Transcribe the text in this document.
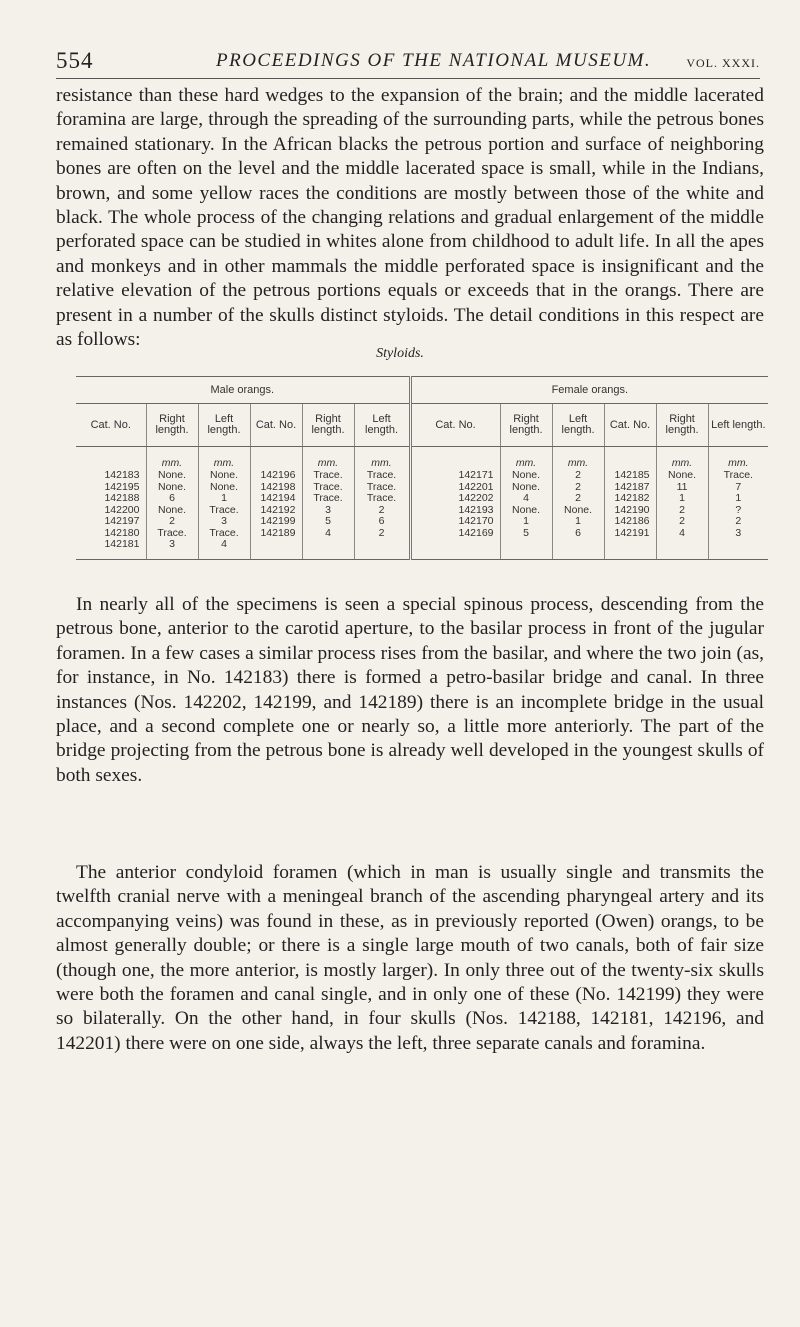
554	PROCEEDINGS OF THE NATIONAL MUSEUM.	VOL. XXXI.

resistance than these hard wedges to the expansion of the brain; and the middle lacerated foramina are large, through the spreading of the surrounding parts, while the petrous bones remained stationary. In the African blacks the petrous portion and surface of neighboring bones are often on the level and the middle lacerated space is small, while in the Indians, brown, and some yellow races the conditions are mostly between those of the white and black. The whole process of the changing relations and gradual enlargement of the middle perforated space can be studied in whites alone from childhood to adult life. In all the apes and monkeys and in other mammals the middle perforated space is insignificant and the relative elevation of the petrous portions equals or exceeds that in the orangs. There are present in a number of the skulls distinct styloids. The detail conditions in this respect are as follows:

Styloids.
Male orangs.						Female orangs.					
Cat. No.	Right length.	Left length.	Cat. No.	Right length.	Left length.	Cat. No.	Right length.	Left length.	Cat. No.	Right length.	Left length.
	mm.	mm.		mm.	mm.		mm.	mm.		mm.	mm.
142183	None.	None.	142196	Trace.	Trace.	142171	None.	2	142185	None.	Trace.
142195	None.	None.	142198	Trace.	Trace.	142201	None.	2	142187	11	7
142188	6	1	142194	Trace.	Trace.	142202	4	2	142182	1	1
142200	None.	Trace.	142192	3	2	142193	None.	None.	142190	2	?
142197	2	3	142199	5	6	142170	1	1	142186	2	2
142180	Trace.	Trace.	142189	4	2	142169	5	6	142191	4	3
142181	3	4									

In nearly all of the specimens is seen a special spinous process, descending from the petrous bone, anterior to the carotid aperture, to the basilar process in front of the jugular foramen. In a few cases a similar process rises from the basilar, and where the two join (as, for instance, in No. 142183) there is formed a petro-basilar bridge and canal. In three instances (Nos. 142202, 142199, and 142189) there is an incomplete bridge in the usual place, and a second complete one or nearly so, a little more anteriorly. The part of the bridge projecting from the petrous bone is already well developed in the youngest skulls of both sexes.

The anterior condyloid foramen (which in man is usually single and transmits the twelfth cranial nerve with a meningeal branch of the ascending pharyngeal artery and its accompanying veins) was found in these, as in previously reported (Owen) orangs, to be almost generally double; or there is a single large mouth of two canals, both of fair size (though one, the more anterior, is mostly larger). In only three out of the twenty-six skulls were both the foramen and canal single, and in only one of these (No. 142199) they were so bilaterally. On the other hand, in four skulls (Nos. 142188, 142181, 142196, and 142201) there were on one side, always the left, three separate canals and foramina.
